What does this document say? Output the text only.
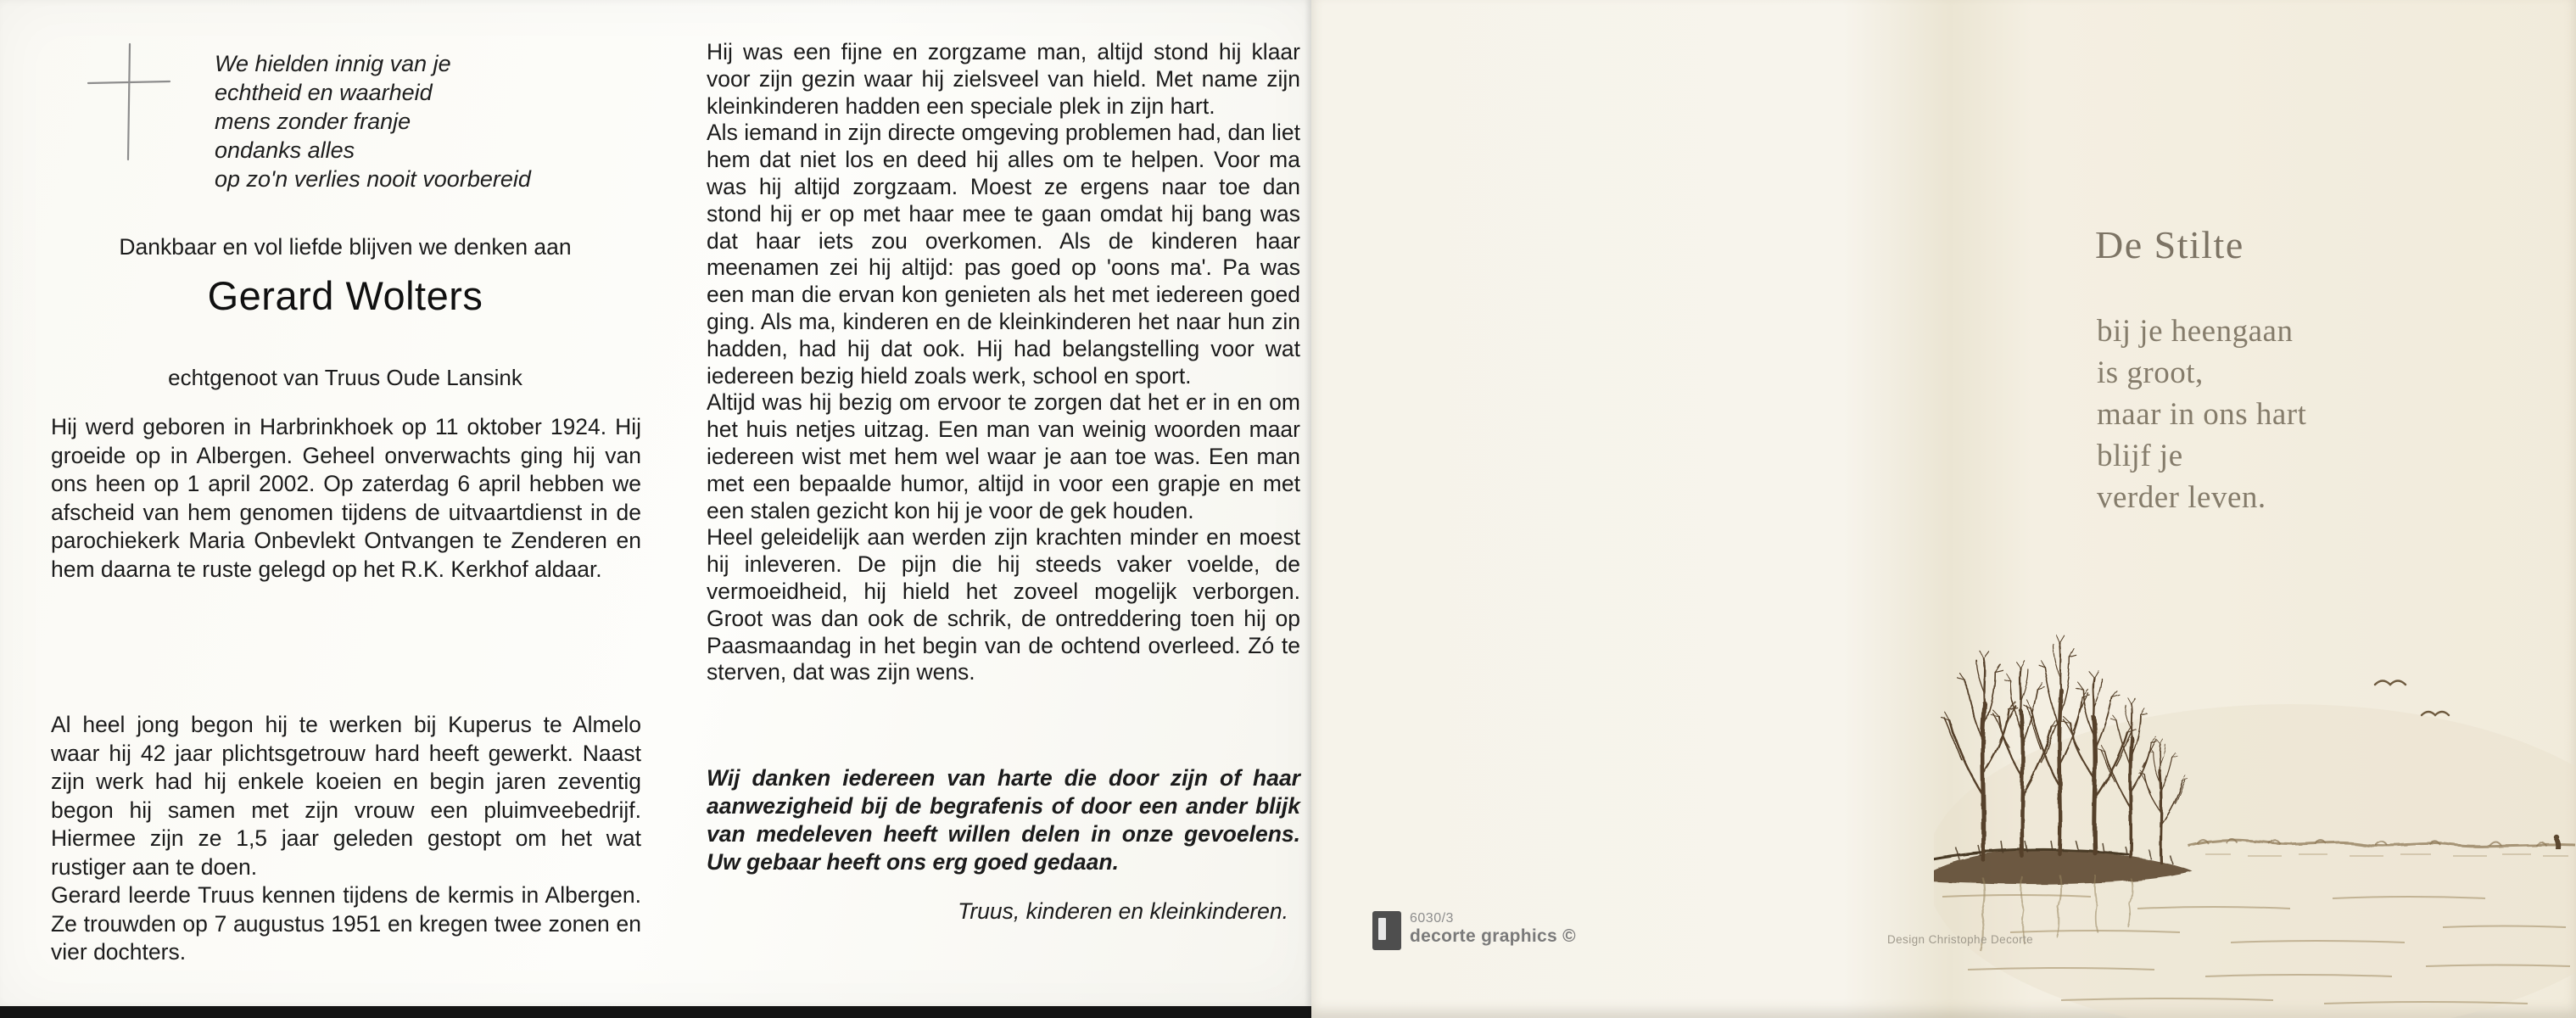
We hielden innig van je
echtheid en waarheid
mens zonder franje
ondanks alles
op zo'n verlies nooit voorbereid
Dankbaar en vol liefde blijven we denken aan
Gerard Wolters
echtgenoot van Truus Oude Lansink
Hij werd geboren in Harbrinkhoek op 11 oktober 1924. Hij groeide op in Albergen. Geheel onverwachts ging hij van ons heen op 1 april 2002. Op zaterdag 6 april hebben we afscheid van hem genomen tijdens de uitvaartdienst in de parochiekerk Maria Onbevlekt Ontvangen te Zenderen en hem daarna te ruste gelegd op het R.K. Kerkhof aldaar.

Al heel jong begon hij te werken bij Kuperus te Almelo waar hij 42 jaar plichtsgetrouw hard heeft gewerkt. Naast zijn werk had hij enkele koeien en begin jaren zeventig begon hij samen met zijn vrouw een pluimveebedrijf. Hiermee zijn ze 1,5 jaar geleden gestopt om het wat rustiger aan te doen.

Gerard leerde Truus kennen tijdens de kermis in Albergen. Ze trouwden op 7 augustus 1951 en kregen twee zonen en vier dochters.

Hij was een fijne en zorgzame man, altijd stond hij klaar voor zijn gezin waar hij zielsveel van hield. Met name zijn kleinkinderen hadden een speciale plek in zijn hart.

Als iemand in zijn directe omgeving problemen had, dan liet hem dat niet los en deed hij alles om te helpen. Voor ma was hij altijd zorgzaam. Moest ze ergens naar toe dan stond hij er op met haar mee te gaan omdat hij bang was dat haar iets zou overkomen. Als de kinderen haar meenamen zei hij altijd: pas goed op 'oons ma'. Pa was een man die ervan kon genieten als het met iedereen goed ging. Als ma, kinderen en de kleinkinderen het naar hun zin hadden, had hij dat ook. Hij had belangstelling voor wat iedereen bezig hield zoals werk, school en sport.

Altijd was hij bezig om ervoor te zorgen dat het er in en om het huis netjes uitzag. Een man van weinig woorden maar iedereen wist met hem wel waar je aan toe was. Een man met een bepaalde humor, altijd in voor een grapje en met een stalen gezicht kon hij je voor de gek houden.

Heel geleidelijk aan werden zijn krachten minder en moest hij inleveren. De pijn die hij steeds vaker voelde, de vermoeidheid, hij hield het zoveel mogelijk verborgen. Groot was dan ook de schrik, de ontreddering toen hij op Paasmaandag in het begin van de ochtend overleed. Zó te sterven, dat was zijn wens.

Wij danken iedereen van harte die door zijn of haar aanwezigheid bij de begrafenis of door een ander blijk van medeleven heeft willen delen in onze gevoelens. Uw gebaar heeft ons erg goed gedaan.

Truus, kinderen en kleinkinderen.

De Stilte
bij je heengaan
is groot,
maar in ons hart
blijf je
verder leven.
6030/3
decorte graphics ©	Design Christophe Decorte
